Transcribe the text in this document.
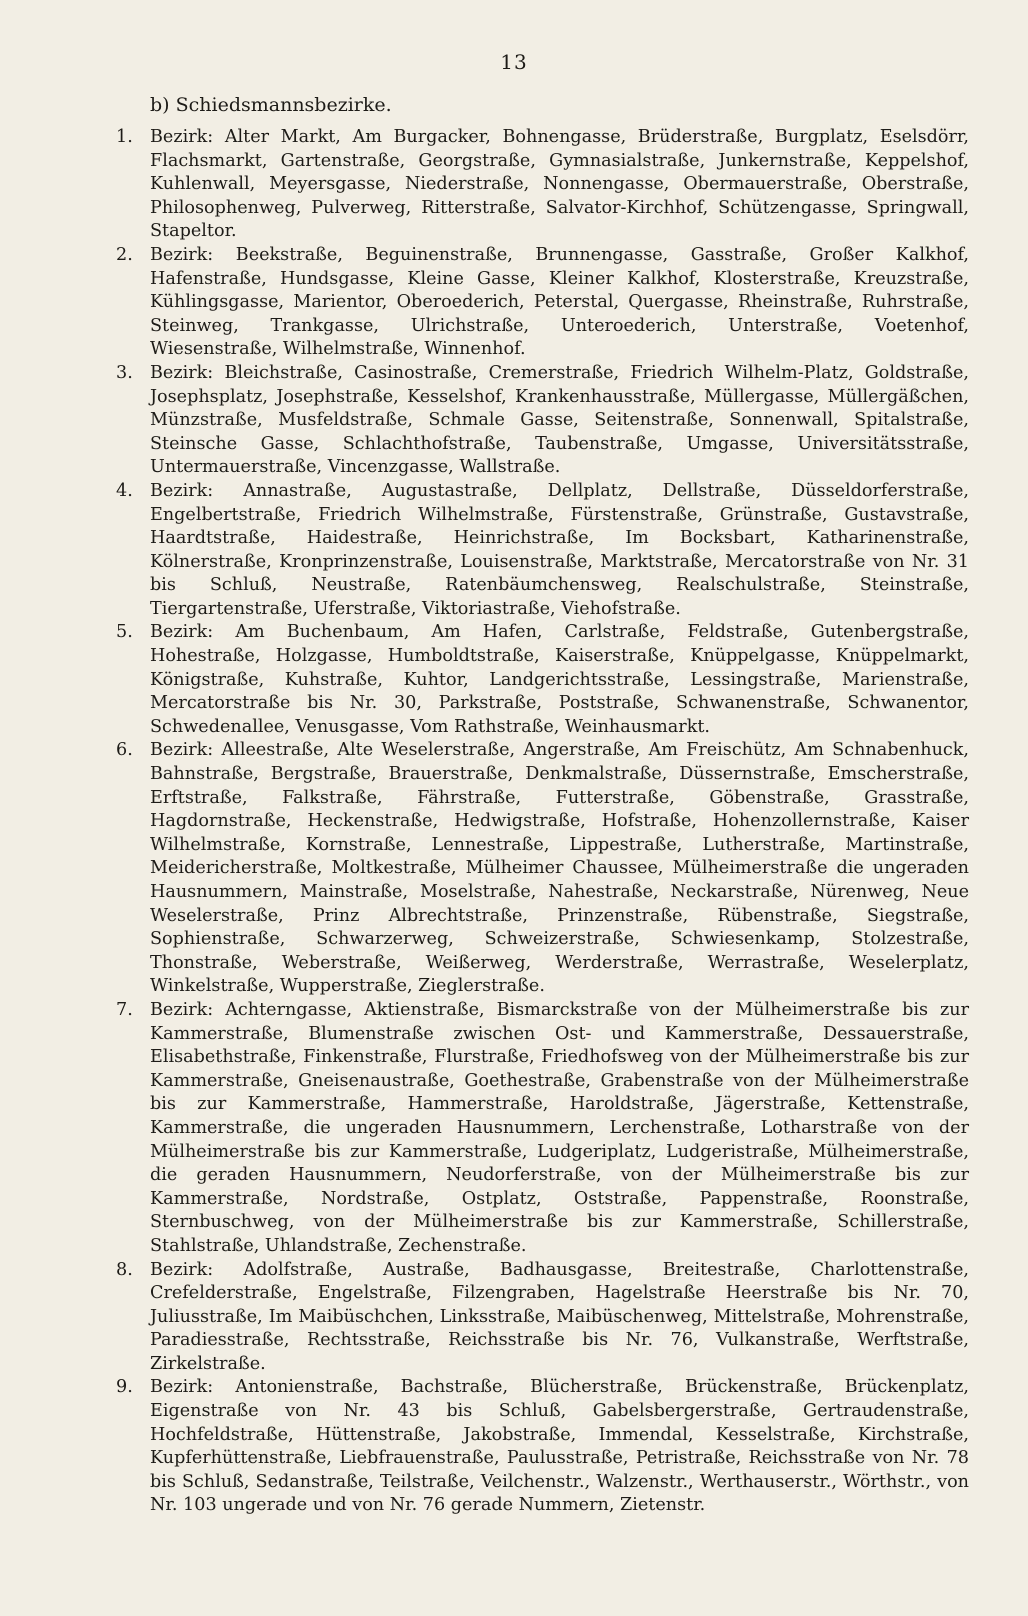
13
b) Schiedsmannsbezirke.

1. Bezirk: Alter Markt, Am Burgacker, Bohnengasse, Brüderstraße, Burgplatz, Eselsdörr, Flachsmarkt, Gartenstraße, Georgstraße, Gymnasialstraße, Junkernstraße, Keppelshof, Kuhlenwall, Meyersgasse, Niederstraße, Nonnengasse, Obermauerstraße, Oberstraße, Philosophenweg, Pulverweg, Ritterstraße, Salvator-Kirchhof, Schützengasse, Springwall, Stapeltor.

2. Bezirk: Beekstraße, Beguinenstraße, Brunnengasse, Gasstraße, Großer Kalkhof, Hafenstraße, Hundsgasse, Kleine Gasse, Kleiner Kalkhof, Klosterstraße, Kreuzstraße, Kühlingsgasse, Marientor, Oberoederich, Peterstal, Quergasse, Rheinstraße, Ruhrstraße, Steinweg, Trankgasse, Ulrichstraße, Unteroederich, Unterstraße, Voetenhof, Wiesenstraße, Wilhelmstraße, Winnenhof.

3. Bezirk: Bleichstraße, Casinostraße, Cremerstraße, Friedrich Wilhelm-Platz, Goldstraße, Josephsplatz, Josephstraße, Kesselshof, Krankenhausstraße, Müllergasse, Müllergäßchen, Münzstraße, Musfeldstraße, Schmale Gasse, Seitenstraße, Sonnenwall, Spitalstraße, Steinsche Gasse, Schlachthofstraße, Taubenstraße, Umgasse, Universitätsstraße, Untermauerstraße, Vincenzgasse, Wallstraße.

4. Bezirk: Annastraße, Augustastraße, Dellplatz, Dellstraße, Düsseldorferstraße, Engelbertstraße, Friedrich Wilhelmstraße, Fürstenstraße, Grünstraße, Gustavstraße, Haardtstraße, Haidestraße, Heinrichstraße, Im Bocksbart, Katharinenstraße, Kölnerstraße, Kronprinzenstraße, Louisenstraße, Marktstraße, Mercatorstraße von Nr. 31 bis Schluß, Neustraße, Ratenbäumchensweg, Realschulstraße, Steinstraße, Tiergartenstraße, Uferstraße, Viktoriastraße, Viehofstraße.

5. Bezirk: Am Buchenbaum, Am Hafen, Carlstraße, Feldstraße, Gutenbergstraße, Hohestraße, Holzgasse, Humboldtstraße, Kaiserstraße, Knüppelgasse, Knüppelmarkt, Königstraße, Kuhstraße, Kuhtor, Landgerichtsstraße, Lessingstraße, Marienstraße, Mercatorstraße bis Nr. 30, Parkstraße, Poststraße, Schwanenstraße, Schwanentor, Schwedenallee, Venusgasse, Vom Rathstraße, Weinhausmarkt.

6. Bezirk: Alleestraße, Alte Weselerstraße, Angerstraße, Am Freischütz, Am Schnabenhuck, Bahnstraße, Bergstraße, Brauerstraße, Denkmalstraße, Düssernstraße, Emscherstraße, Erftstraße, Falkstraße, Fährstraße, Futterstraße, Göbenstraße, Grasstraße, Hagdornstraße, Heckenstraße, Hedwigstraße, Hofstraße, Hohenzollernstraße, Kaiser Wilhelmstraße, Kornstraße, Lennestraße, Lippestraße, Lutherstraße, Martinstraße, Meidericherstraße, Moltkestraße, Mülheimer Chaussee, Mülheimerstraße die ungeraden Hausnummern, Mainstraße, Moselstraße, Nahestraße, Neckarstraße, Nürenweg, Neue Weselerstraße, Prinz Albrechtstraße, Prinzenstraße, Rübenstraße, Siegstraße, Sophienstraße, Schwarzerweg, Schweizerstraße, Schwiesenkamp, Stolzestraße, Thonstraße, Weberstraße, Weißerweg, Werderstraße, Werrastraße, Weselerplatz, Winkelstraße, Wupperstraße, Zieglerstraße.

7. Bezirk: Achterngasse, Aktienstraße, Bismarckstraße von der Mülheimerstraße bis zur Kammerstraße, Blumenstraße zwischen Ost- und Kammerstraße, Dessauerstraße, Elisabethstraße, Finkenstraße, Flurstraße, Friedhofsweg von der Mülheimerstraße bis zur Kammerstraße, Gneisenaustraße, Goethestraße, Grabenstraße von der Mülheimerstraße bis zur Kammerstraße, Hammerstraße, Haroldstraße, Jägerstraße, Kettenstraße, Kammerstraße, die ungeraden Hausnummern, Lerchenstraße, Lotharstraße von der Mülheimerstraße bis zur Kammerstraße, Ludgeriplatz, Ludgeristraße, Mülheimerstraße, die geraden Hausnummern, Neudorferstraße, von der Mülheimerstraße bis zur Kammerstraße, Nordstraße, Ostplatz, Oststraße, Pappenstraße, Roonstraße, Sternbuschweg, von der Mülheimerstraße bis zur Kammerstraße, Schillerstraße, Stahlstraße, Uhlandstraße, Zechenstraße.

8. Bezirk: Adolfstraße, Austraße, Badhausgasse, Breitestraße, Charlottenstraße, Crefelderstraße, Engelstraße, Filzengraben, Hagelstraße Heerstraße bis Nr. 70, Juliusstraße, Im Maibüschchen, Linksstraße, Maibüschenweg, Mittelstraße, Mohrenstraße, Paradiesstraße, Rechtsstraße, Reichsstraße bis Nr. 76, Vulkanstraße, Werftstraße, Zirkelstraße.

9. Bezirk: Antonienstraße, Bachstraße, Blücherstraße, Brückenstraße, Brückenplatz, Eigenstraße von Nr. 43 bis Schluß, Gabelsbergerstraße, Gertraudenstraße, Hochfeldstraße, Hüttenstraße, Jakobstraße, Immendal, Kesselstraße, Kirchstraße, Kupferhüttenstraße, Liebfrauenstraße, Paulusstraße, Petristraße, Reichsstraße von Nr. 78 bis Schluß, Sedanstraße, Teilstraße, Veilchenstr., Walzenstr., Werthauserstr., Wörthstr., von Nr. 103 ungerade und von Nr. 76 gerade Nummern, Zietenstr.
